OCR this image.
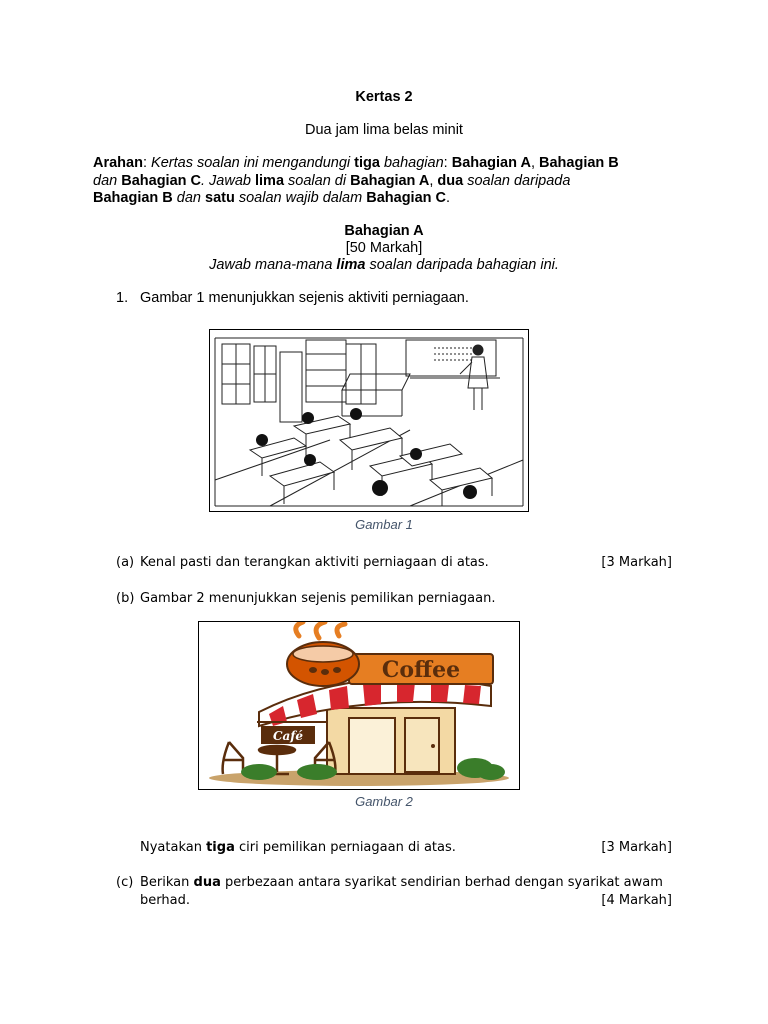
Kertas 2
Dua jam lima belas minit
Arahan: Kertas soalan ini mengandungi tiga bahagian: Bahagian A, Bahagian B
dan Bahagian C. Jawab lima soalan di Bahagian A, dua soalan daripada
Bahagian B dan satu soalan wajib dalam Bahagian C.
Bahagian A
[50 Markah]
Jawab mana-mana lima soalan daripada bahagian ini.
1. Gambar 1 menunjukkan sejenis aktiviti perniagaan.
Gambar 1
(a) Kenal pasti dan terangkan aktiviti perniagaan di atas.	[3 Markah]
(b) Gambar 2 menunjukkan sejenis pemilikan perniagaan.
Coffee
Café
Gambar 2
Nyatakan tiga ciri pemilikan perniagaan di atas.	[3 Markah]
(c) Berikan dua perbezaan antara syarikat sendirian berhad dengan syarikat awam
berhad.	[4 Markah]
